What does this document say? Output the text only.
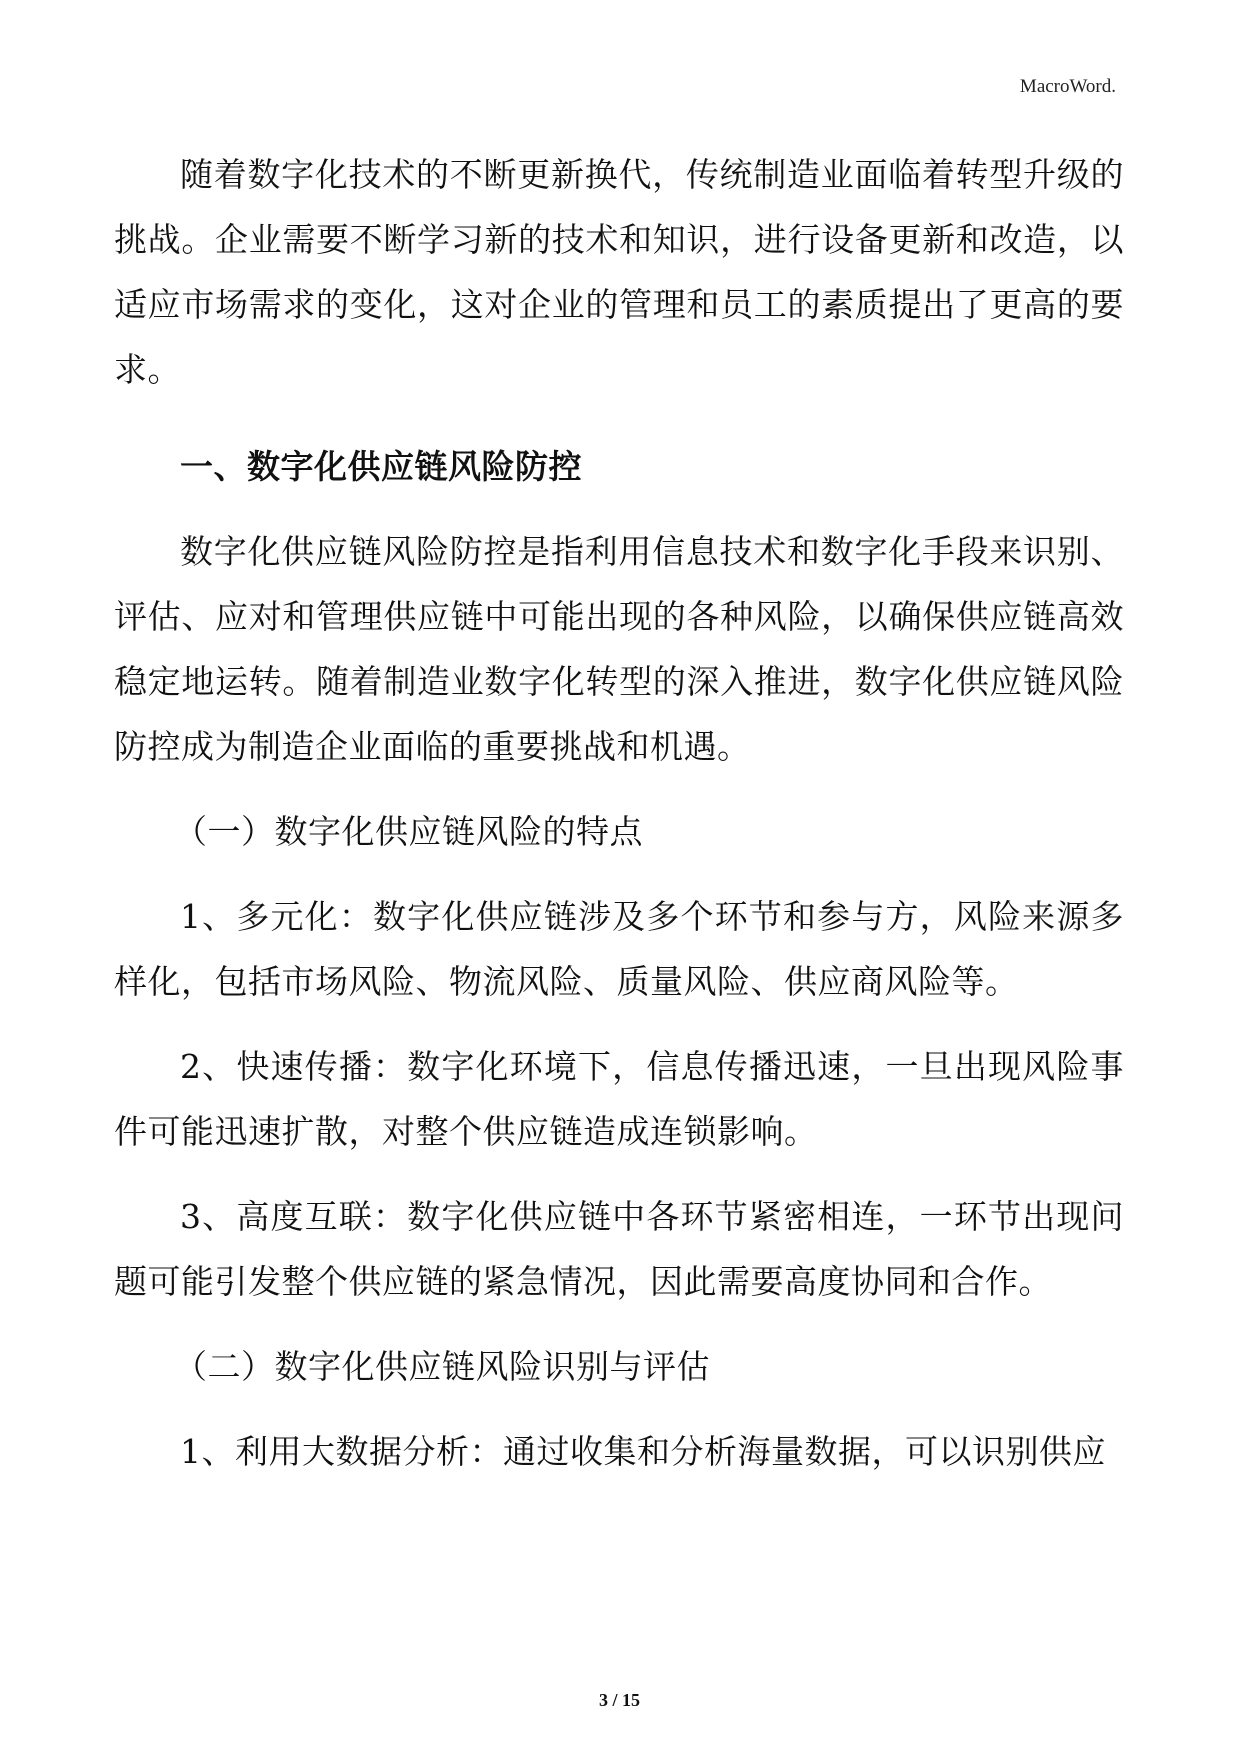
MacroWord.

随着数字化技术的不断更新换代，传统制造业面临着转型升级的挑战。企业需要不断学习新的技术和知识，进行设备更新和改造，以适应市场需求的变化，这对企业的管理和员工的素质提出了更高的要求。

一、数字化供应链风险防控

数字化供应链风险防控是指利用信息技术和数字化手段来识别、评估、应对和管理供应链中可能出现的各种风险，以确保供应链高效稳定地运转。随着制造业数字化转型的深入推进，数字化供应链风险防控成为制造企业面临的重要挑战和机遇。

（一）数字化供应链风险的特点

1、多元化：数字化供应链涉及多个环节和参与方，风险来源多样化，包括市场风险、物流风险、质量风险、供应商风险等。

2、快速传播：数字化环境下，信息传播迅速，一旦出现风险事件可能迅速扩散，对整个供应链造成连锁影响。

3、高度互联：数字化供应链中各环节紧密相连，一环节出现问题可能引发整个供应链的紧急情况，因此需要高度协同和合作。

（二）数字化供应链风险识别与评估

1、利用大数据分析：通过收集和分析海量数据，可以识别供应

3 / 15
